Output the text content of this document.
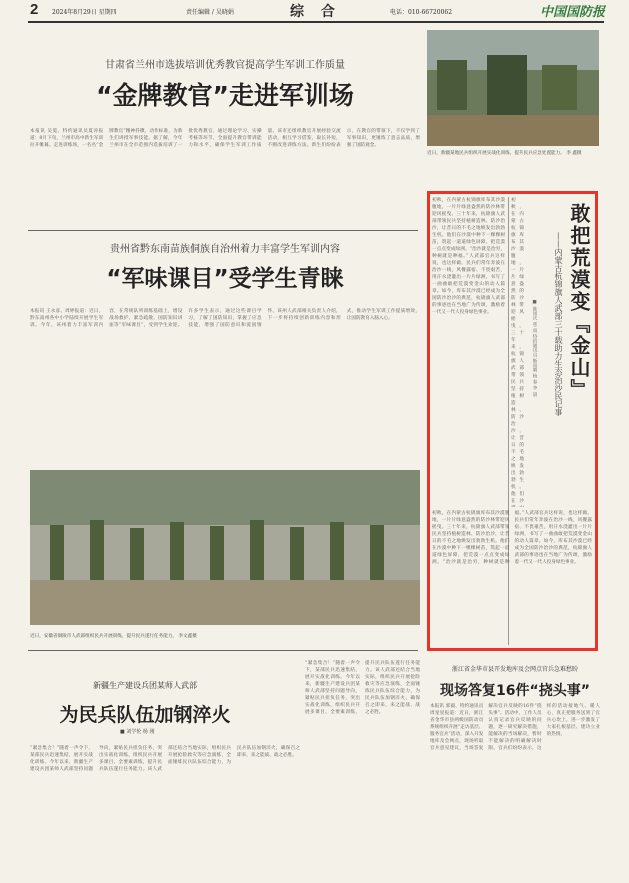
2 2024年8月29日 星期四	责任编辑 / 吴晓娟	综 合	电话：010-66720062	中国国防报
甘肃省兰州市选拔培训优秀教官提高学生军训工作质量
“金牌教官”走进军训场
本报讯 吴冕、特约通讯员夏涛报道：8月下旬，兰州市高中新生军训拉开帷幕。走进训练场，一名名“金牌教官”精神抖擞、动作标准，为新生们讲授军事技能。据了解，今年兰州市在全市范围内选拔培训了一批优秀教官，通过理论学习、实操考核等环节，全面提升教官带训能力和水平，确保学生军训工作质量。该市还组织教官开展经验交流活动，相互学习借鉴，取长补短，不断改进训练方法。新生们纷纷表示，在教官的带领下，不仅学到了军事知识，更锤炼了意志品质，增强了国防观念。
近日，新疆某地民兵组织开展实战化训练，提升民兵应急处置能力。 李 鑫摄
贵州省黔东南苗族侗族自治州着力丰富学生军训内容
“军味课目”受学生青睐
本报讯 王永彦、周婷报道：近日，黔东南州各中小学陆续开展学生军训。今年，该州着力丰富军训内容，在常规队列训练基础上，增设战场救护、紧急疏散、国防知识讲座等“军味课目”，受到学生欢迎。许多学生表示，通过这些课目学习，了解了国防知识，掌握了应急技能，增强了国防意识和爱国情怀。该州人武部相关负责人介绍，下一步将持续创新训练内容和形式，推动学生军训工作提质增效，让国防教育入脑入心。
近日，安徽省铜陵市人武部组织民兵开展训练，提升民兵遂行任务能力。 李文鑫摄
新疆生产建设兵团某师人武部
为民兵队伍加钢淬火
■ 刘学伦 杨 刚
“紧急集合！”随着一声令下，某部民兵迅速集结，展开实战化训练。今年以来，新疆生产建设兵团某师人武部坚持问题导向，紧贴民兵担负任务，突出实战化训练，组织民兵开展多课目、全要素训练，提升民兵队伍遂行任务能力。该人武部还结合当地实际，组织民兵开展抢险救灾等应急演练，全面锤炼民兵队伍综合能力，为民兵队伍加钢淬火，确保召之即来、来之能战、战之必胜。
“紧急集合！”随着一声令下，某部民兵迅速集结，展开实战化训练。今年以来，新疆生产建设兵团某师人武部坚持问题导向，紧贴民兵担负任务，突出实战化训练，组织民兵开展多课目、全要素训练，提升民兵队伍遂行任务能力。该人武部还结合当地实际，组织民兵开展抢险救灾等应急演练，全面锤炼民兵队伍综合能力，为民兵队伍加钢淬火，确保召之即来、来之能战、战之必胜。
初秋，在内蒙古杭锦旗库布其沙漠腹地，一片片绿意盎然的防沙林带迎风摇曳。三十年来，杭锦旗人武部带领民兵坚持植树造林、防沙治沙，让昔日的不毛之地焕发出勃勃生机。他们在沙漠中种下一棵棵树苗，筑起一道道绿色屏障，把荒漠一点点变成绿洲。“治沙就是治穷，种树就是种福。”人武部官兵这样说，也这样做。民兵们常年奔波在治沙一线，风餐露宿、不畏艰苦，用汗水浇灌出一片片绿洲，书写了一曲曲敢把荒漠变金山的动人篇章。如今，库布其沙漠已经成为全国防沙治沙的典范，杭锦旗人武部的事迹也在当地广为传颂，激励着一代又一代人投身绿色事业。
初秋，在内蒙古杭锦旗库布其沙漠腹地，一片片绿意盎然的防沙林带迎风摇曳。三十年来，杭锦旗人武部带领民兵坚持植树造林、防沙治沙，让昔日的不毛之地焕发出勃勃生机。他们在沙
敢把荒漠变『金山』
——内蒙古杭锦旗人武部三十载助力生态治沙民记事
■ 陈国庆 慈 雨 特约通讯员 靳雨晴 杨 春 李 晨
初秋，在内蒙古杭锦旗库布其沙漠腹地，一片片绿意盎然的防沙林带迎风摇曳。三十年来，杭锦旗人武部带领民兵坚持植树造林、防沙治沙，让昔日的不毛之地焕发出勃勃生机。他们在沙漠中种下一棵棵树苗，筑起一道道绿色屏障，把荒漠一点点变成绿洲。“治沙就是治穷，种树就是种福。”人武部官兵这样说，也这样做。民兵们常年奔波在治沙一线，风餐露宿、不畏艰苦，用汗水浇灌出一片片绿洲，书写了一曲曲敢把荒漠变金山的动人篇章。如今，库布其沙漠已经成为全国防沙治沙的典范，杭锦旗人武部的事迹也在当地广为传颂，激励着一代又一代人投身绿色事业。
浙江省金华市县开发地库及会网点官兵急难愁盼
现场答复16件“挠头事”
本报讯 郭毅、特约通讯员周星星报道：近日，浙江省金华市县两级国防动员系统组织开展“走访基层、服务官兵”活动，深入开发地库及会网点，现场听取官兵意见建议，当场答复解决官兵反映的16件“挠头事”。活动中，工作人员认真记录官兵反映的问题，逐一研究解决措施，能解决的当场解决，暂时不能解决的明确解决时限。官兵们纷纷表示，这样的活动接地气、暖人心，真正把服务送到了官兵心坎上，进一步激发了大家扎根基层、建功立业的热情。
